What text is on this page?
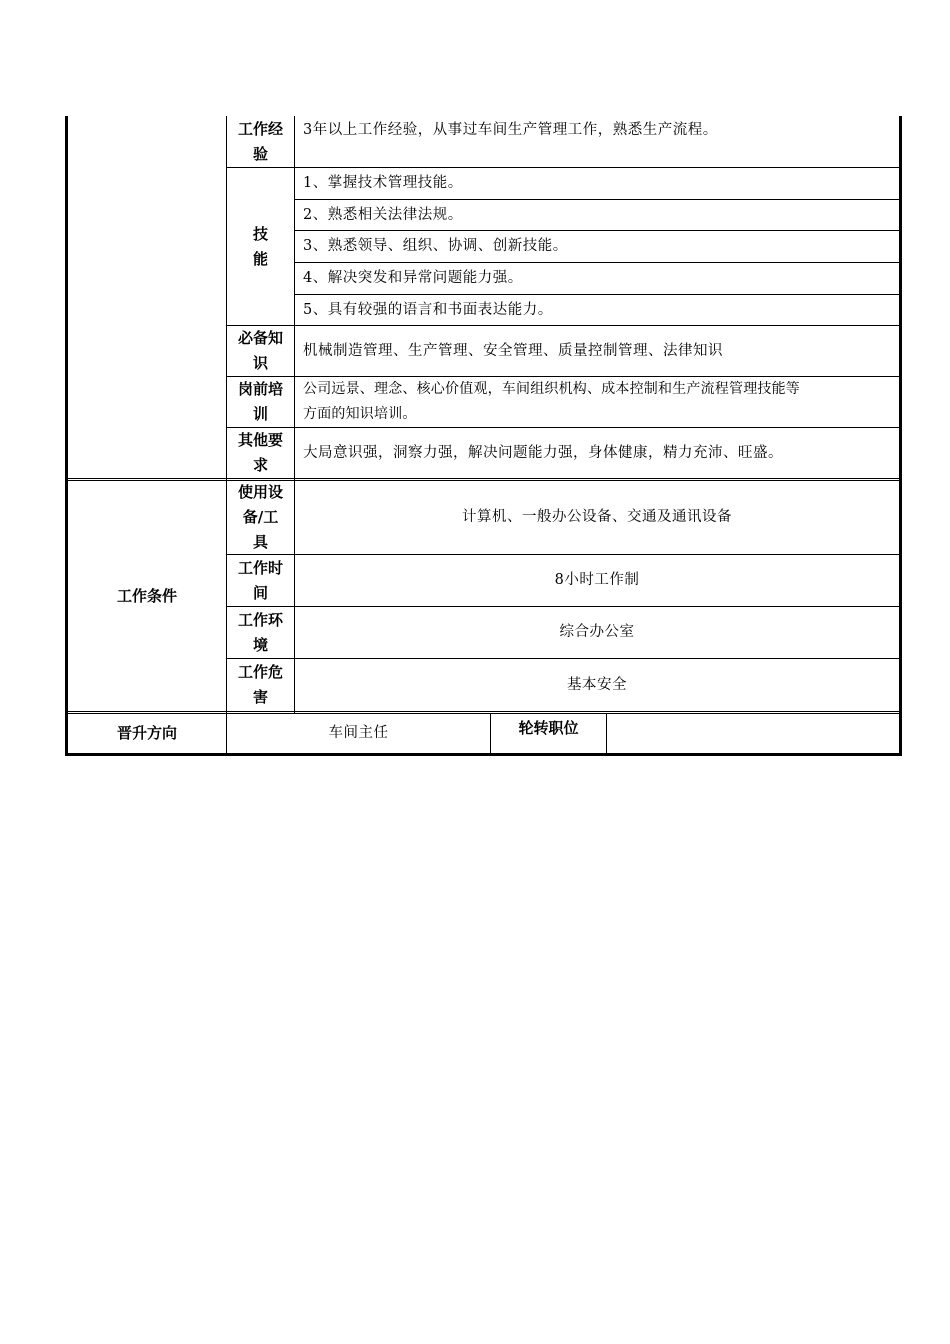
工作经
验
3年以上工作经验，从事过车间生产管理工作，熟悉生产流程。
技
能
1、掌握技术管理技能。
2、熟悉相关法律法规。
3、熟悉领导、组织、协调、创新技能。
4、解决突发和异常问题能力强。
5、具有较强的语言和书面表达能力。
必备知
识
机械制造管理、生产管理、安全管理、质量控制管理、法律知识
岗前培
训
公司远景、理念、核心价值观，车间组织机构、成本控制和生产流程管理技能等
方面的知识培训。
其他要
求
大局意识强，洞察力强，解决问题能力强，身体健康，精力充沛、旺盛。
工作条件
使用设
备/工
具
计算机、一般办公设备、交通及通讯设备
工作时
间
8小时工作制
工作环
境
综合办公室
工作危
害
基本安全
晋升方向	车间主任	轮转职位
